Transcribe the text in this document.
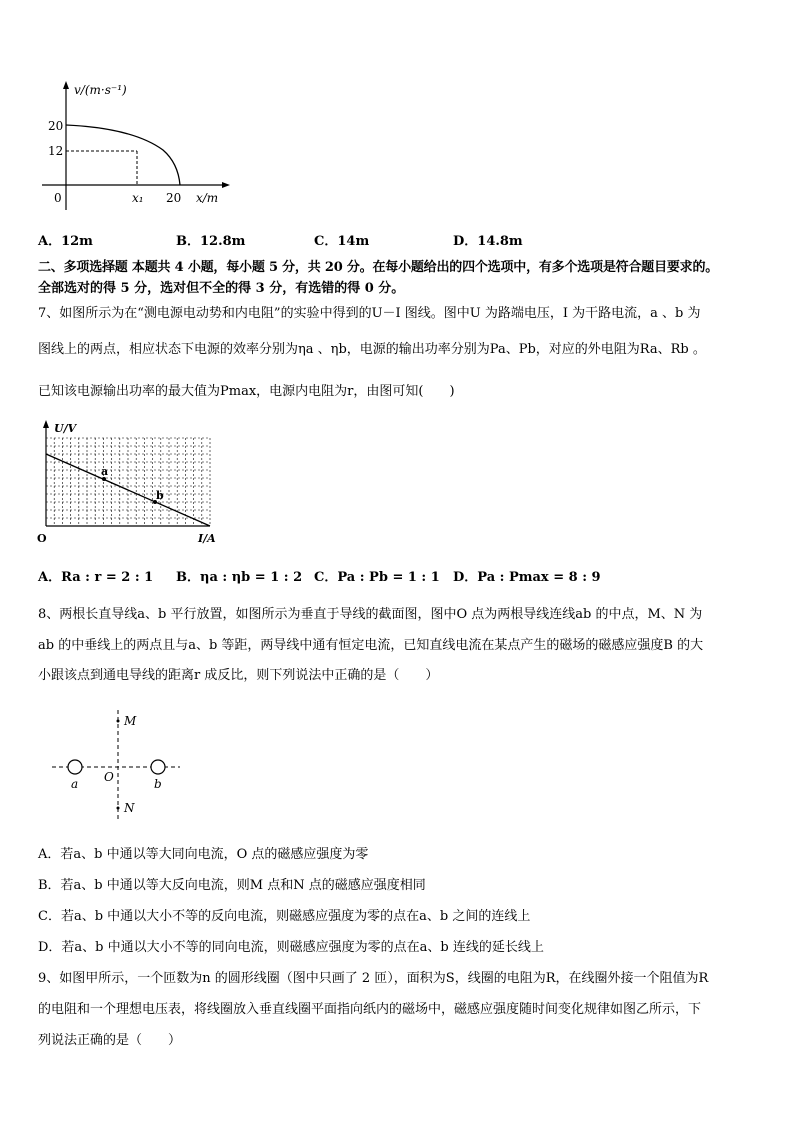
v/(m·s⁻¹)
20
12
0	x₁ 20 x/m
A．12m	B．12.8m	C．14m	D．14.8m
二、多项选择题 本题共 4 小题，每小题 5 分，共 20 分。在每小题给出的四个选项中，有多个选项是符合题目要求的。
全部选对的得 5 分，选对但不全的得 3 分，有选错的得 0 分。
7、如图所示为在“测电源电动势和内电阻”的实验中得到的U－I 图线。图中U 为路端电压，I 为干路电流，a 、b 为
图线上的两点，相应状态下电源的效率分别为ηa 、ηb，电源的输出功率分别为Pa、Pb，对应的外电阻为Ra、Rb 。
已知该电源输出功率的最大值为Pmax，电源内电阻为r，由图可知(　　)
a
b
U/V
O	I/A
A．Ra : r = 2 : 1 B．ηa : ηb = 1 : 2 C．Pa : Pb = 1 : 1 D．Pa : Pmax = 8 : 9
8、两根长直导线a、b 平行放置，如图所示为垂直于导线的截面图，图中O 点为两根导线连线ab 的中点，M、N 为
ab 的中垂线上的两点且与a、b 等距，两导线中通有恒定电流，已知直线电流在某点产生的磁场的磁感应强度B 的大
小跟该点到通电导线的距离r 成反比，则下列说法中正确的是（　　）
M
N
O
a	b
A．若a、b 中通以等大同向电流，O 点的磁感应强度为零
B．若a、b 中通以等大反向电流，则M 点和N 点的磁感应强度相同
C．若a、b 中通以大小不等的反向电流，则磁感应强度为零的点在a、b 之间的连线上
D．若a、b 中通以大小不等的同向电流，则磁感应强度为零的点在a、b 连线的延长线上
9、如图甲所示，一个匝数为n 的圆形线圈（图中只画了 2 匝），面积为S，线圈的电阻为R，在线圈外接一个阻值为R
的电阻和一个理想电压表，将线圈放入垂直线圈平面指向纸内的磁场中，磁感应强度随时间变化规律如图乙所示，下
列说法正确的是（　　）
